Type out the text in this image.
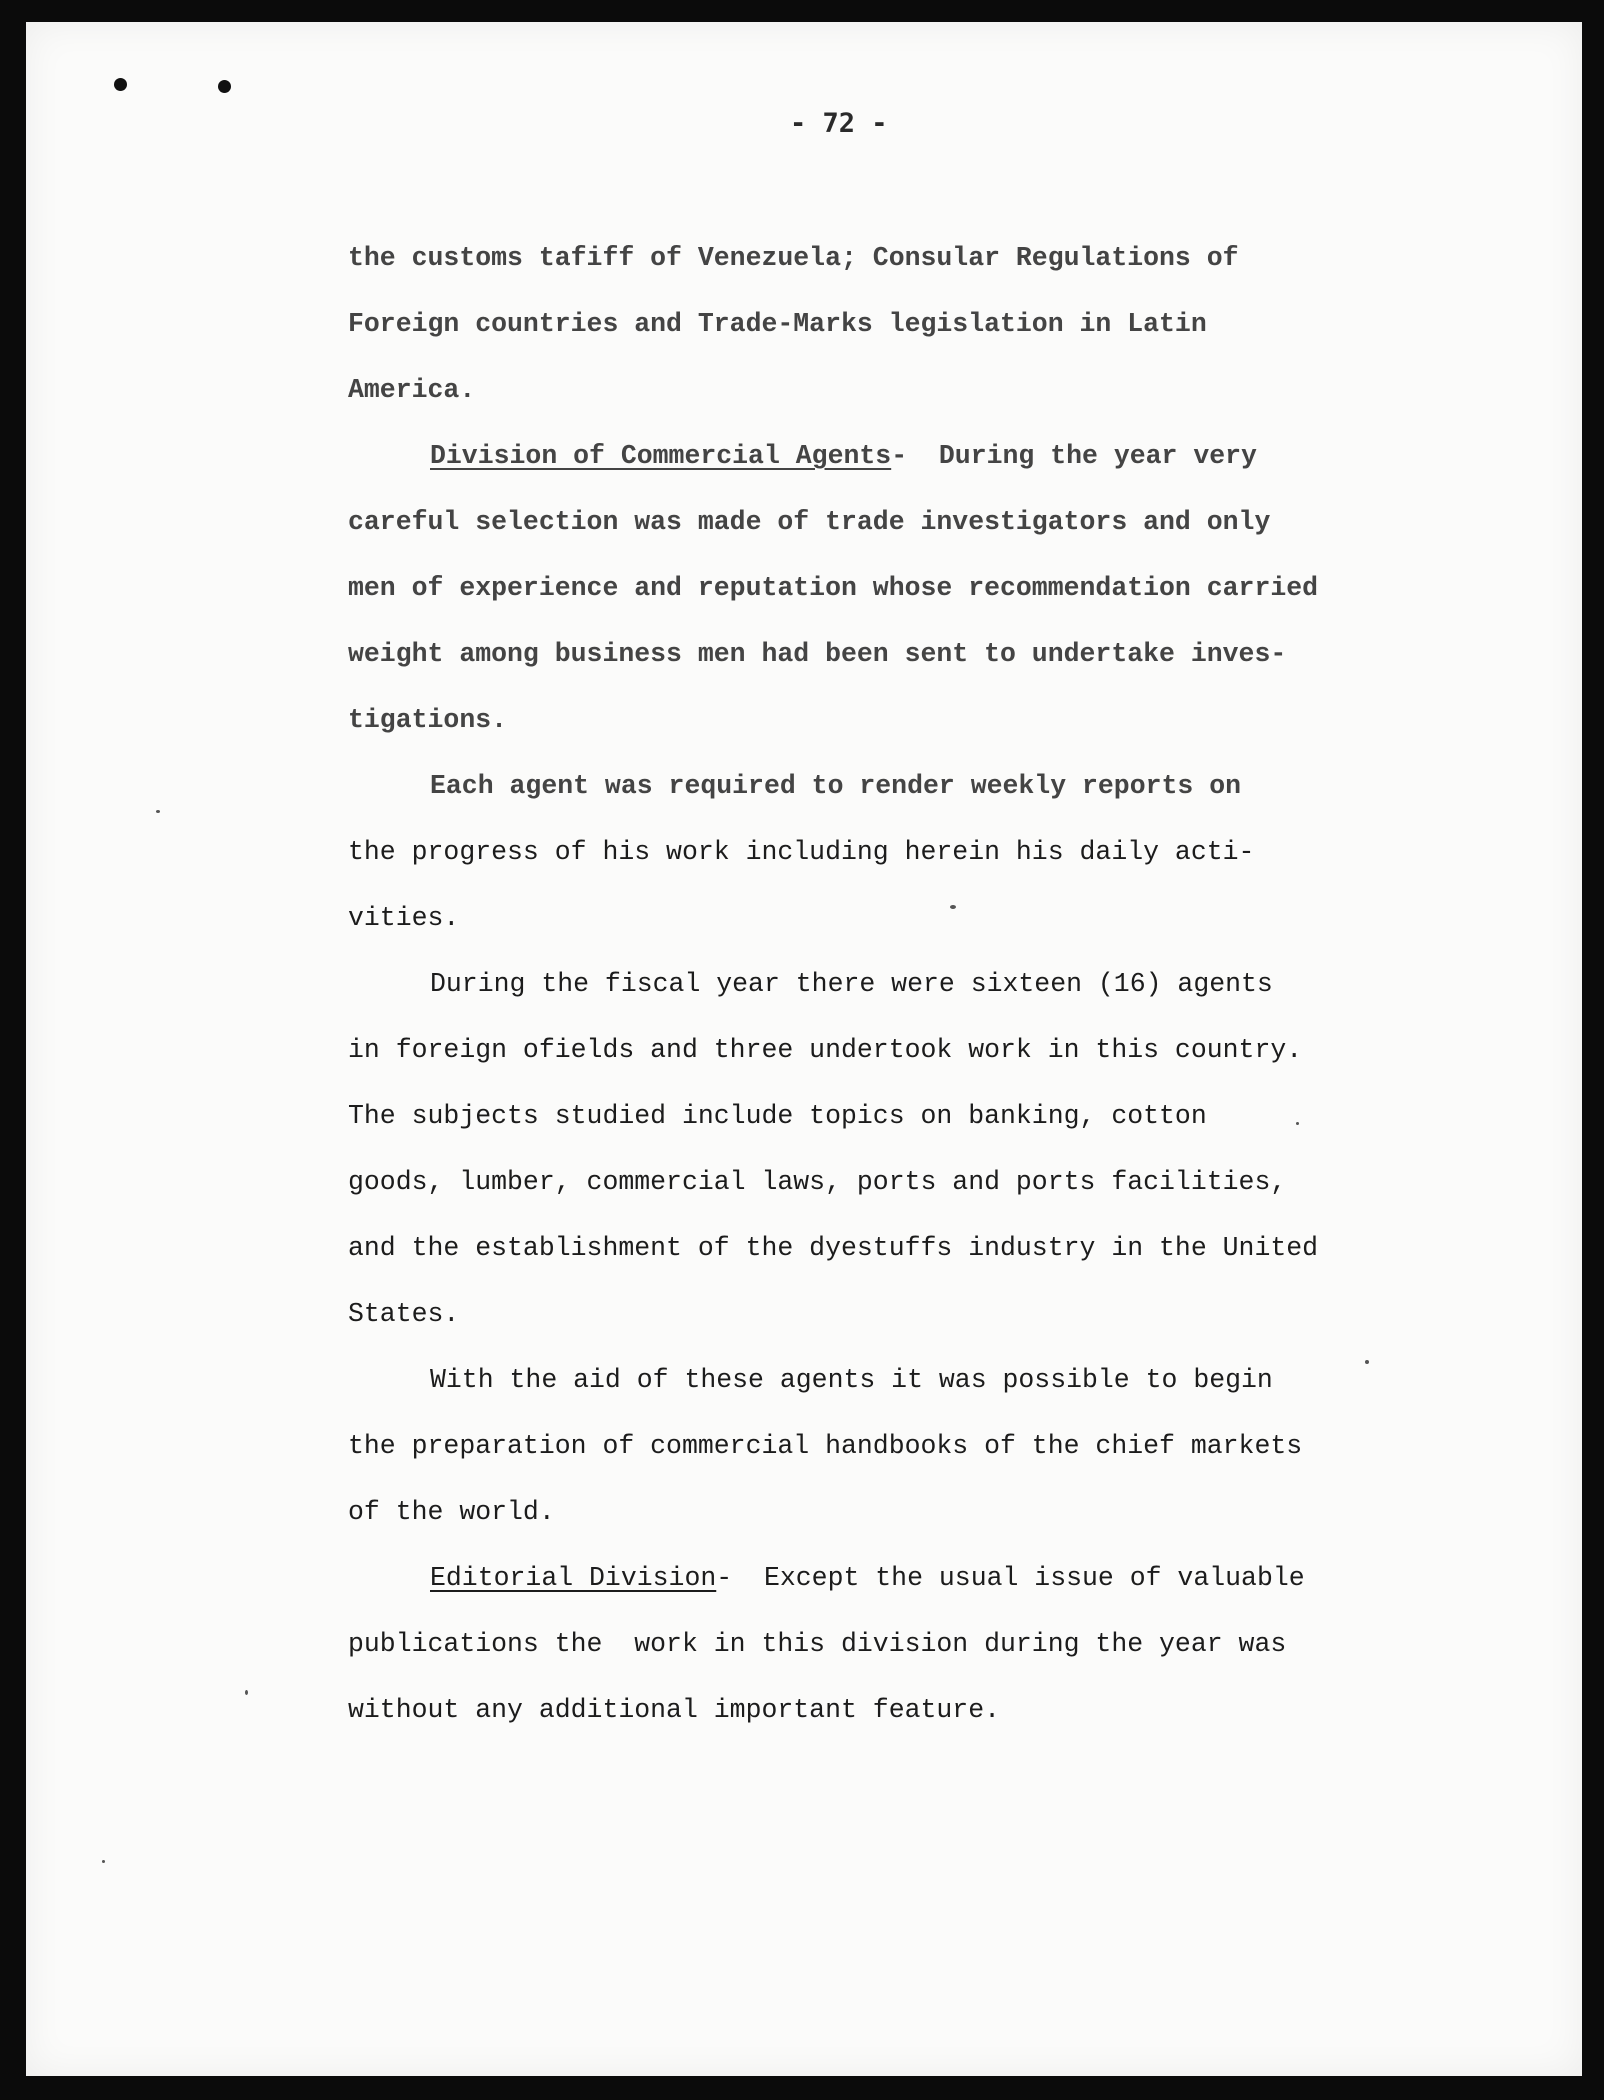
- 72 -
the customs tafiff of Venezuela; Consular Regulations of
Foreign countries and Trade-Marks legislation in Latin
America.
Division of Commercial Agents-  During the year very
careful selection was made of trade investigators and only
men of experience and reputation whose recommendation carried
weight among business men had been sent to undertake inves-
tigations.
Each agent was required to render weekly reports on
the progress of his work including herein his daily acti-
vities.
During the fiscal year there were sixteen (16) agents
in foreign ofields and three undertook work in this country.
The subjects studied include topics on banking, cotton
goods, lumber, commercial laws, ports and ports facilities,
and the establishment of the dyestuffs industry in the United
States.
With the aid of these agents it was possible to begin
the preparation of commercial handbooks of the chief markets
of the world.
Editorial Division-  Except the usual issue of valuable
publications the  work in this division during the year was
without any additional important feature.
